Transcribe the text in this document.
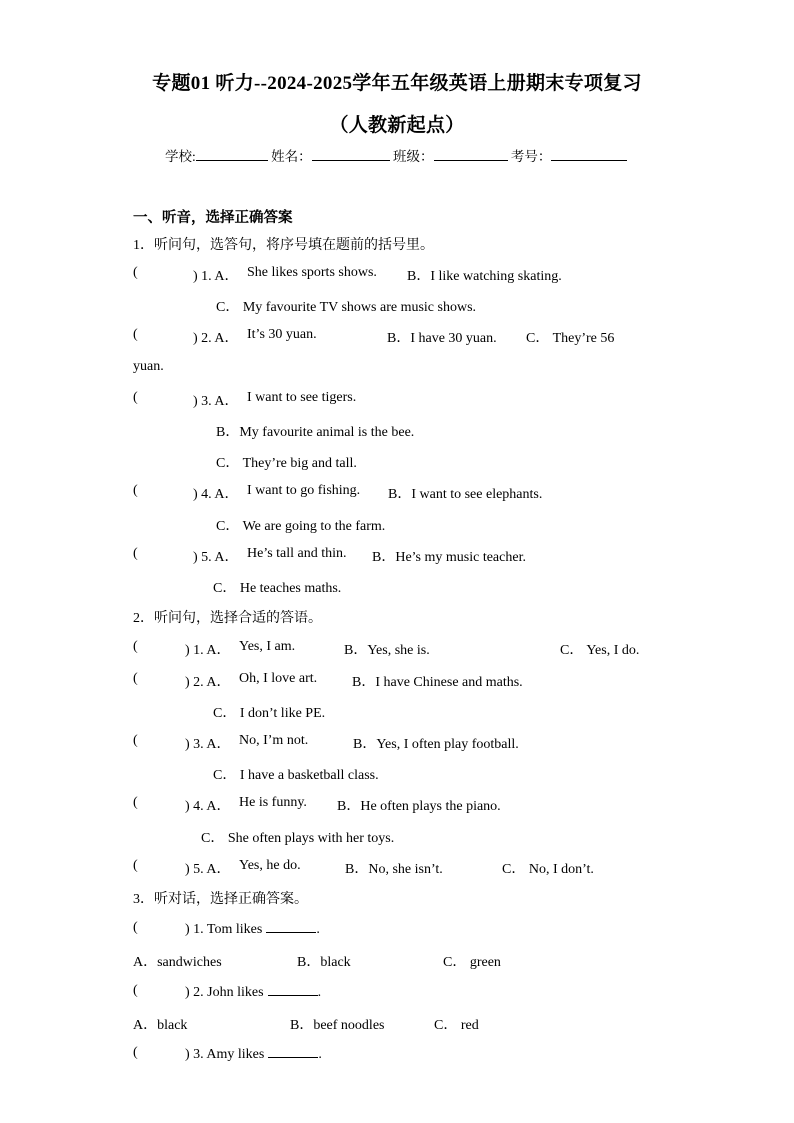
专题01 听力--2024-2025学年五年级英语上册期末专项复习
（人教新起点）
学校:	姓名：	班级：	考号：
一、听音，选择正确答案
1．听问句，选答句，将序号填在题前的括号里。
(	) 1. A． She likes sports shows. B．I like watching skating.
C． My favourite TV shows are music shows.
(	) 2. A． It’s 30 yuan.	B．I have 30 yuan. C． They’re 56
yuan.
(	) 3. A． I want to see tigers.
B．My favourite animal is the bee.
C． They’re big and tall.
(	) 4. A． I want to go fishing. B．I want to see elephants.
C． We are going to the farm.
(	) 5. A． He’s tall and thin. B．He’s my music teacher.
C． He teaches maths.
2．听问句，选择合适的答语。
(	) 1. A． Yes, I am.	B．Yes, she is.	C． Yes, I do.
(	) 2. A． Oh, I love art. B．I have Chinese and maths.
C． I don’t like PE.
(	) 3. A． No, I’m not.	B．Yes, I often play football.
C． I have a basketball class.
(	) 4. A． He is funny. B．He often plays the piano.
C． She often plays with her toys.
(	) 5. A． Yes, he do.	B．No, she isn’t.	C． No, I don’t.
3．听对话，选择正确答案。
(	) 1. Tom likes	.
A．sandwiches	B．black	C． green
(	) 2. John likes	.
A．black	B．beef noodles	C． red
(	) 3. Amy likes	.
